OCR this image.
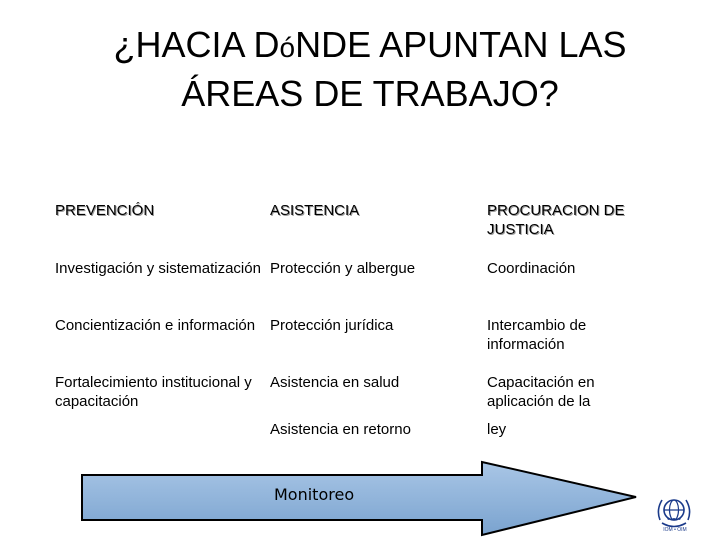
¿HACIA DóNDE APUNTAN LAS
ÁREAS DE TRABAJO?

PREVENCIÓN

Investigación y sistematización

Concientización e información

Fortalecimiento institucional y capacitación

ASISTENCIA

Protección y albergue

Protección jurídica

Asistencia en salud

Asistencia en retorno

PROCURACION DE JUSTICIA

Coordinación

Intercambio de información

Capacitación en aplicación de la

ley

Monitoreo
IOM • OIM
